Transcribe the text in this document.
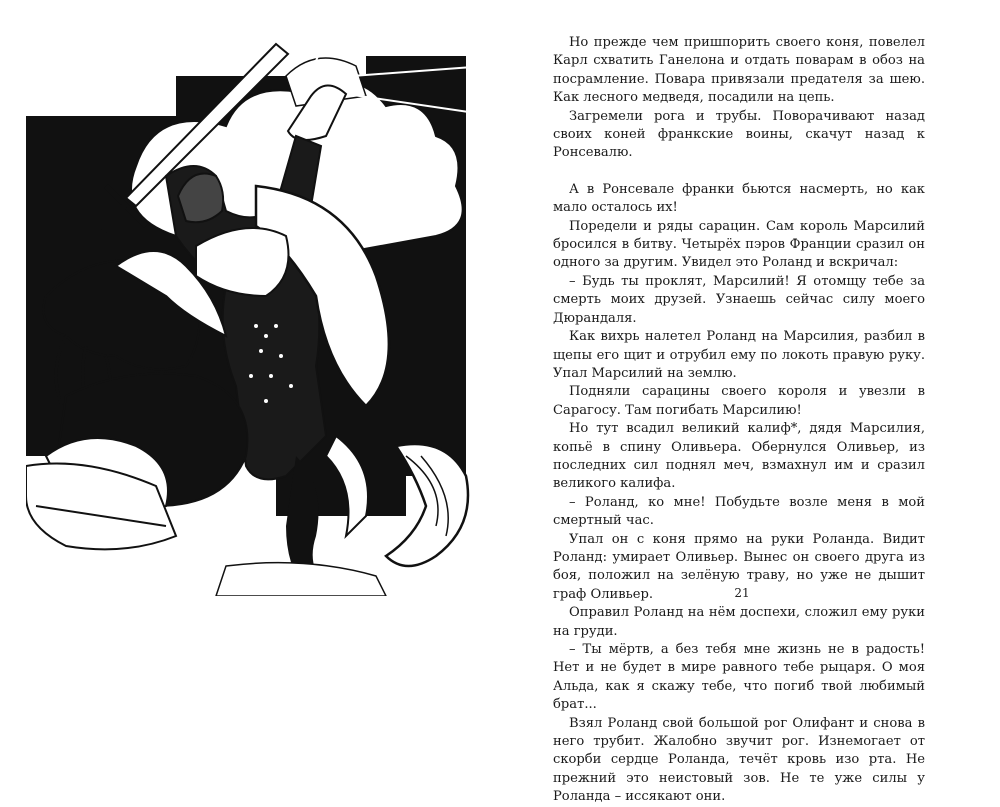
Но прежде чем пришпорить своего коня, повелел Карл схватить Ганелона и отдать поварам в обоз на посрамление. Повара привязали предателя за шею. Как лесного медведя, посадили на цепь.

Загремели рога и трубы. Поворачивают назад своих коней франкские воины, скачут назад к Ронсевалю.

А в Ронсевале франки бьются насмерть, но как мало осталось их!

Поредели и ряды сарацин. Сам король Марсилий бросился в битву. Четырёх пэров Франции сразил он одного за другим. Увидел это Роланд и вскричал:

– Будь ты проклят, Марсилий! Я отомщу тебе за смерть моих друзей. Узнаешь сейчас силу моего Дюрандаля.

Как вихрь налетел Роланд на Марсилия, разбил в щепы его щит и отрубил ему по локоть правую руку. Упал Марсилий на землю.

Подняли сарацины своего короля и увезли в Сарагосу. Там погибать Марсилию!

Но тут всадил великий калиф*, дядя Марсилия, копьё в спину Оливьера. Обернулся Оливьер, из последних сил поднял меч, взмахнул им и сразил великого калифа.

– Роланд, ко мне! Побудьте возле меня в мой смертный час.

Упал он с коня прямо на руки Роланда. Видит Роланд: умирает Оливьер. Вынес он своего друга из боя, положил на зелёную траву, но уже не дышит граф Оливьер.

Оправил Роланд на нём доспехи, сложил ему руки на груди.

– Ты мёртв, а без тебя мне жизнь не в радость! Нет и не будет в мире равного тебе рыцаря. О моя Альда, как я скажу тебе, что погиб твой любимый брат...

Взял Роланд свой большой рог Олифант и снова в него трубит. Жалобно звучит рог. Изнемогает от скорби сердце Роланда, течёт кровь изо рта. Не прежний это неистовый зов. Не те уже силы у Роланда – иссякают они.

21
